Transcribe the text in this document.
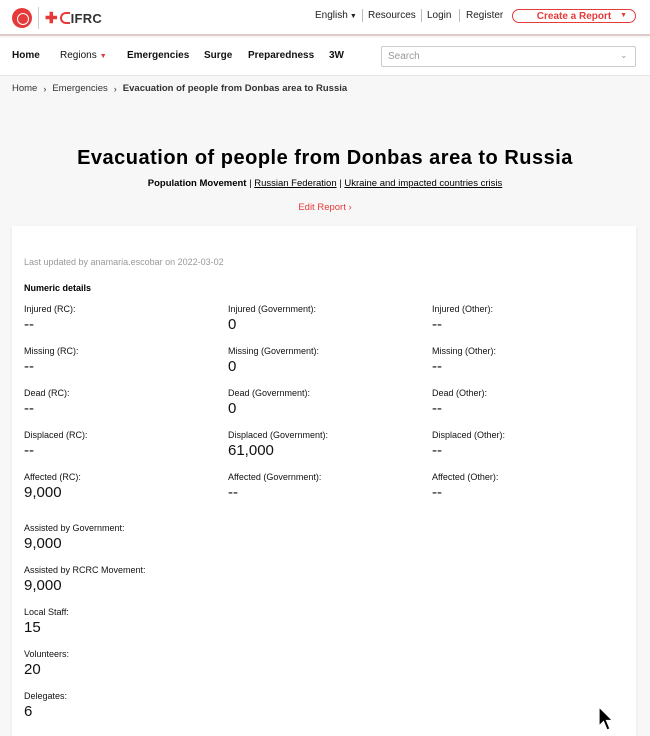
✚ IFRC	English ▼ Resources Login Register	Create a Report ▼
Home Regions ▼ Emergencies Surge Preparedness 3W
Search	⌄
Home › Emergencies › Evacuation of people from Donbas area to Russia
Evacuation of people from Donbas area to Russia
Population Movement | Russian Federation | Ukraine and impacted countries crisis
Edit Report ›
Last updated by anamaria.escobar on 2022-03-02
Numeric details
Injured (RC):
--
Injured (Government):
0
Injured (Other):
--
Missing (RC):
--
Missing (Government):
0
Missing (Other):
--
Dead (RC):
--
Dead (Government):
0
Dead (Other):
--
Displaced (RC):
--
Displaced (Government):
61,000
Displaced (Other):
--
Affected (RC):
9,000
Affected (Government):
--
Affected (Other):
--
Assisted by Government:
9,000
Assisted by RCRC Movement:
9,000
Local Staff:
15
Volunteers:
20
Delegates:
6
